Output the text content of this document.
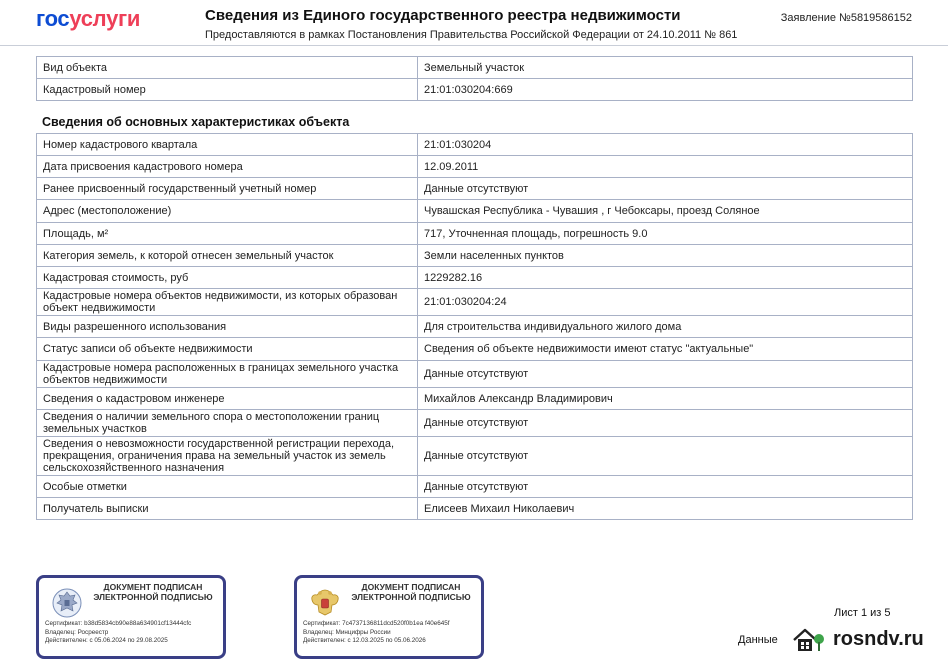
госуслуги	Сведения из Единого государственного реестра недвижимости
Предоставляются в рамках Постановления Правительства Российской Федерации от 24.10.2011 № 861
Заявление №5819586152
Вид объекта	Земельный участок
Кадастровый номер	21:01:030204:669
Сведения об основных характеристиках объекта
Номер кадастрового квартала	21:01:030204
Дата присвоения кадастрового номера	12.09.2011
Ранее присвоенный государственный учетный номер	Данные отсутствуют
Адрес (местоположение)	Чувашская Республика - Чувашия , г Чебоксары, проезд Соляное
Площадь, м²	717, Уточненная площадь, погрешность 9.0
Категория земель, к которой отнесен земельный участок	Земли населенных пунктов
Кадастровая стоимость, руб	1229282.16
Кадастровые номера объектов недвижимости, из которых образован объект недвижимости	21:01:030204:24
Виды разрешенного использования	Для строительства индивидуального жилого дома
Статус записи об объекте недвижимости	Сведения об объекте недвижимости имеют статус "актуальные"
Кадастровые номера расположенных в границах земельного участка объектов недвижимости	Данные отсутствуют
Сведения о кадастровом инженере	Михайлов Александр Владимирович
Сведения о наличии земельного спора о местоположении границ земельных участков	Данные отсутствуют
Сведения о невозможности государственной регистрации перехода, прекращения, ограничения права на земельный участок из земель сельскохозяйственного назначения	Данные отсутствуют
Особые отметки	Данные отсутствуют
Получатель выписки	Елисеев Михаил Николаевич
ДОКУМЕНТ ПОДПИСАН ЭЛЕКТРОННОЙ ПОДПИСЬЮ
Сертификат: b38d5834cb90e88a634901cf13444cfc
Владелец: Росреестр
Действителен: с 05.06.2024 по 29.08.2025
ДОКУМЕНТ ПОДПИСАН ЭЛЕКТРОННОЙ ПОДПИСЬЮ
Сертификат: 7c4737136811dcd520f0b1ea f40e645f
Владелец: Минцифры России
Действителен: с 12.03.2025 по 05.06.2026
Лист 1 из 5
Данные	rosndv.ru
